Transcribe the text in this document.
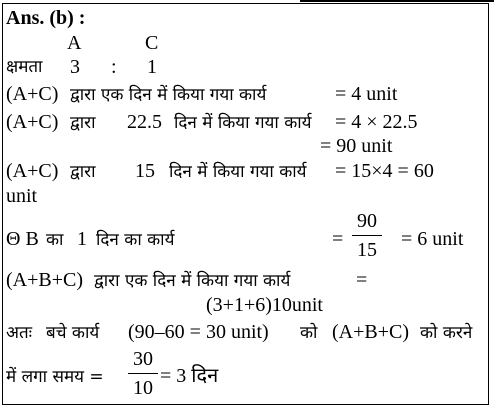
Ans. (b) :
A	C
क्षमता 3 : 1
(A+C) द्वारा एक दिन में किया गया कार्य	= 4 unit
(A+C) द्वारा 22.5 दिन में किया गया कार्य = 4 × 22.5
= 90 unit
(A+C) द्वारा 15 दिन में किया गया कार्य = 15×4 = 60
unit
Θ B का 1 दिन का कार्य	=
90
15 = 6 unit
(A+B+C) द्वारा एक दिन में किया गया कार्य	=
(3+1+6)10unit
अतः बचे कार्य (90–60 = 30 unit) को (A+B+C) को करने
में लगा समय =
30
10
= 3 दिन
